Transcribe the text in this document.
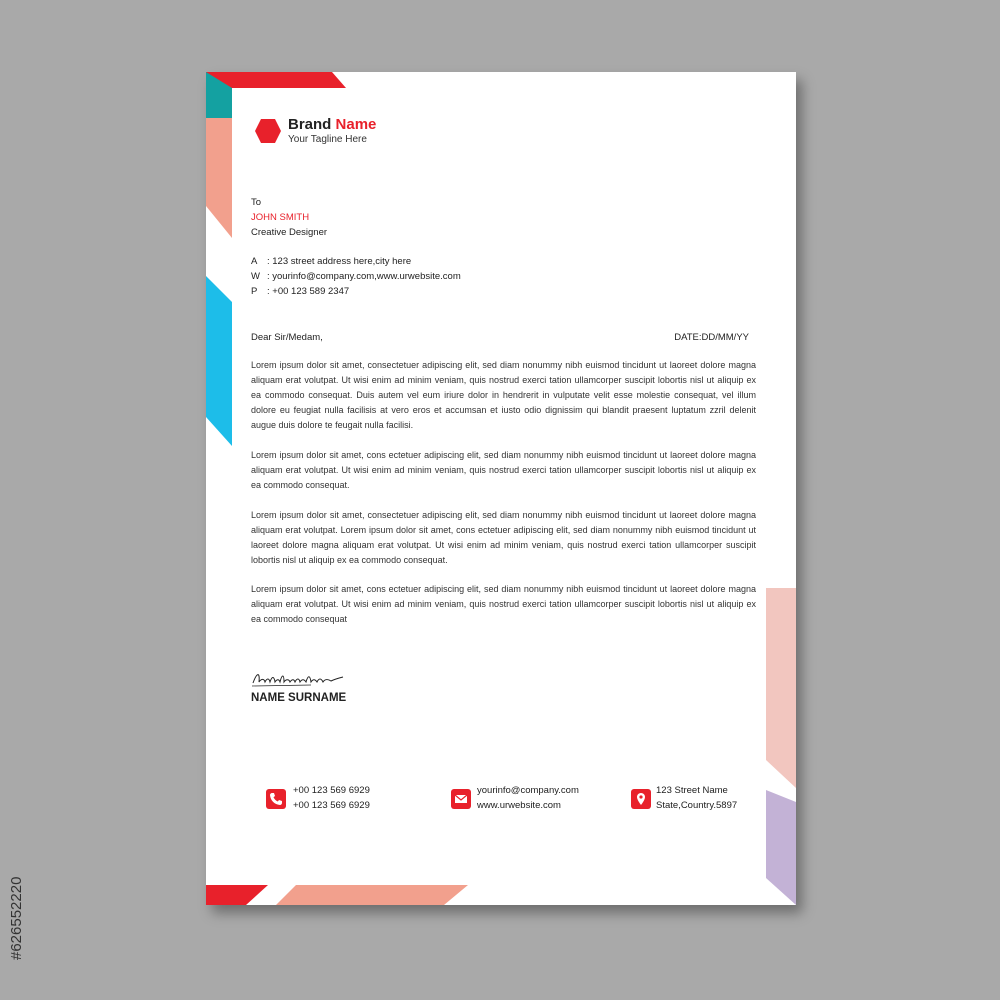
Brand Name
Your Tagline Here
To
JOHN SMITH
Creative Designer
A : 123 street address here,city here
W : yourinfo@company.com,www.urwebsite.com
P : +00 123 589 2347
Dear Sir/Medam,	DATE:DD/MM/YY
Lorem ipsum dolor sit amet, consectetuer adipiscing elit, sed diam nonummy nibh euismod tincidunt ut laoreet dolore magna aliquam erat volutpat. Ut wisi enim ad minim veniam, quis nostrud exerci tation ullamcorper suscipit lobortis nisl ut aliquip ex ea commodo consequat. Duis autem vel eum iriure dolor in hendrerit in vulputate velit esse molestie consequat, vel illum dolore eu feugiat nulla facilisis at vero eros et accumsan et iusto odio dignissim qui blandit praesent luptatum zzril delenit augue duis dolore te feugait nulla facilisi.
Lorem ipsum dolor sit amet, cons ectetuer adipiscing elit, sed diam nonummy nibh euismod tincidunt ut laoreet dolore magna aliquam erat volutpat. Ut wisi enim ad minim veniam, quis nostrud exerci tation ullamcorper suscipit lobortis nisl ut aliquip ex ea commodo consequat.
Lorem ipsum dolor sit amet, consectetuer adipiscing elit, sed diam nonummy nibh euismod tincidunt ut laoreet dolore magna aliquam erat volutpat. Lorem ipsum dolor sit amet, cons ectetuer adipiscing elit, sed diam nonummy nibh euismod tincidunt ut laoreet dolore magna aliquam erat volutpat. Ut wisi enim ad minim veniam, quis nostrud exerci tation ullamcorper suscipit lobortis nisl ut aliquip ex ea commodo consequat.
Lorem ipsum dolor sit amet, cons ectetuer adipiscing elit, sed diam nonummy nibh euismod tincidunt ut laoreet dolore magna aliquam erat volutpat. Ut wisi enim ad minim veniam, quis nostrud exerci tation ullamcorper suscipit lobortis nisl ut aliquip ex ea commodo consequat
NAME SURNAME
+00 123 569 6929
+00 123 569 6929
yourinfo@company.com
www.urwebsite.com
123 Street Name
State,Country.5897
#626552220
